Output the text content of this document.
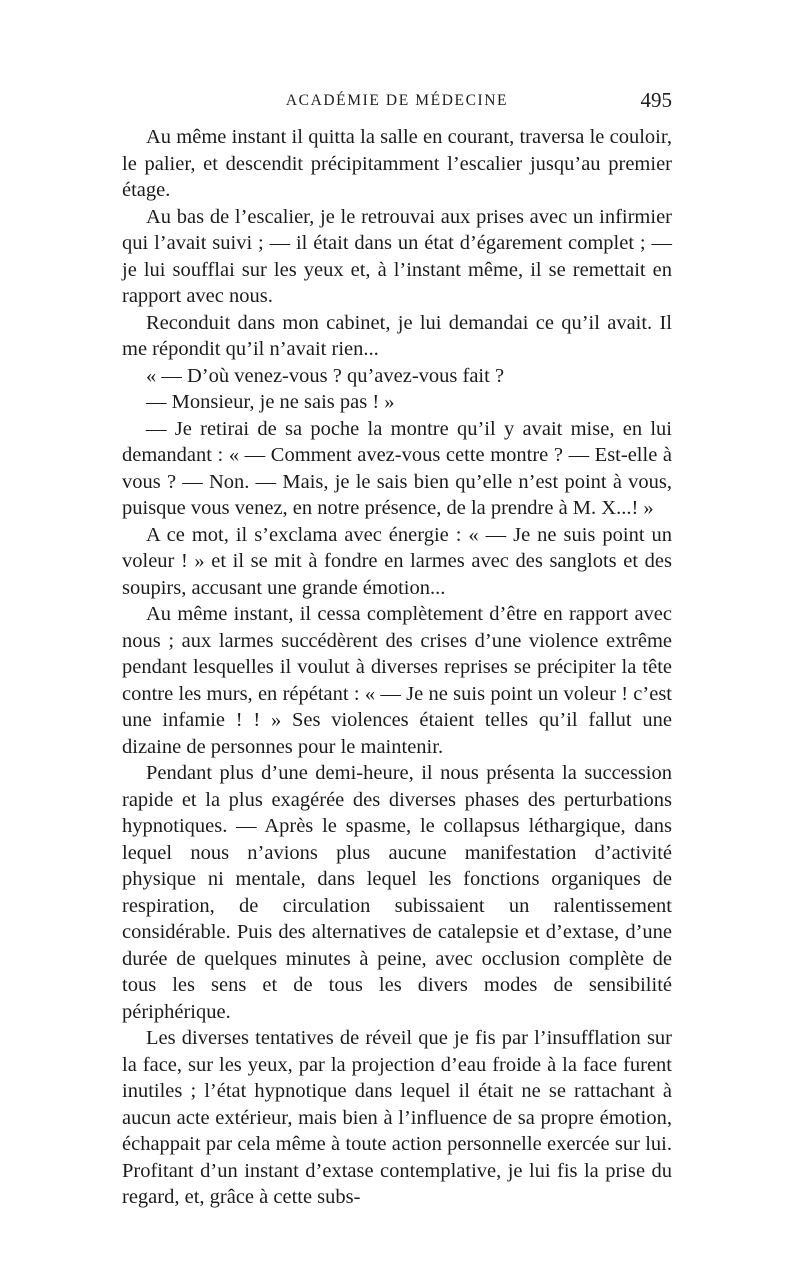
ACADÉMIE DE MÉDECINE	495

Au même instant il quitta la salle en courant, traversa le couloir, le palier, et descendit précipitamment l’escalier jusqu’au premier étage.

Au bas de l’escalier, je le retrouvai aux prises avec un infirmier qui l’avait suivi ; — il était dans un état d’égarement complet ; — je lui soufflai sur les yeux et, à l’instant même, il se remettait en rapport avec nous.

Reconduit dans mon cabinet, je lui demandai ce qu’il avait. Il me répondit qu’il n’avait rien...

« — D’où venez-vous ? qu’avez-vous fait ?

— Monsieur, je ne sais pas ! »

— Je retirai de sa poche la montre qu’il y avait mise, en lui demandant : « — Comment avez-vous cette montre ? — Est-elle à vous ? — Non. — Mais, je le sais bien qu’elle n’est point à vous, puisque vous venez, en notre présence, de la prendre à M. X...! »

A ce mot, il s’exclama avec énergie : « — Je ne suis point un voleur ! » et il se mit à fondre en larmes avec des sanglots et des soupirs, accusant une grande émotion...

Au même instant, il cessa complètement d’être en rapport avec nous ; aux larmes succédèrent des crises d’une violence extrême pendant lesquelles il voulut à diverses reprises se précipiter la tête contre les murs, en répétant : « — Je ne suis point un voleur ! c’est une infamie ! ! » Ses violences étaient telles qu’il fallut une dizaine de personnes pour le maintenir.

Pendant plus d’une demi-heure, il nous présenta la succession rapide et la plus exagérée des diverses phases des perturbations hypnotiques. — Après le spasme, le collapsus léthargique, dans lequel nous n’avions plus aucune manifestation d’activité physique ni mentale, dans lequel les fonctions organiques de respiration, de circulation subissaient un ralentissement considérable. Puis des alternatives de catalepsie et d’extase, d’une durée de quelques minutes à peine, avec occlusion complète de tous les sens et de tous les divers modes de sensibilité périphérique.

Les diverses tentatives de réveil que je fis par l’insufflation sur la face, sur les yeux, par la projection d’eau froide à la face furent inutiles ; l’état hypnotique dans lequel il était ne se rattachant à aucun acte extérieur, mais bien à l’influence de sa propre émotion, échappait par cela même à toute action personnelle exercée sur lui. Profitant d’un instant d’extase contemplative, je lui fis la prise du regard, et, grâce à cette subs-
